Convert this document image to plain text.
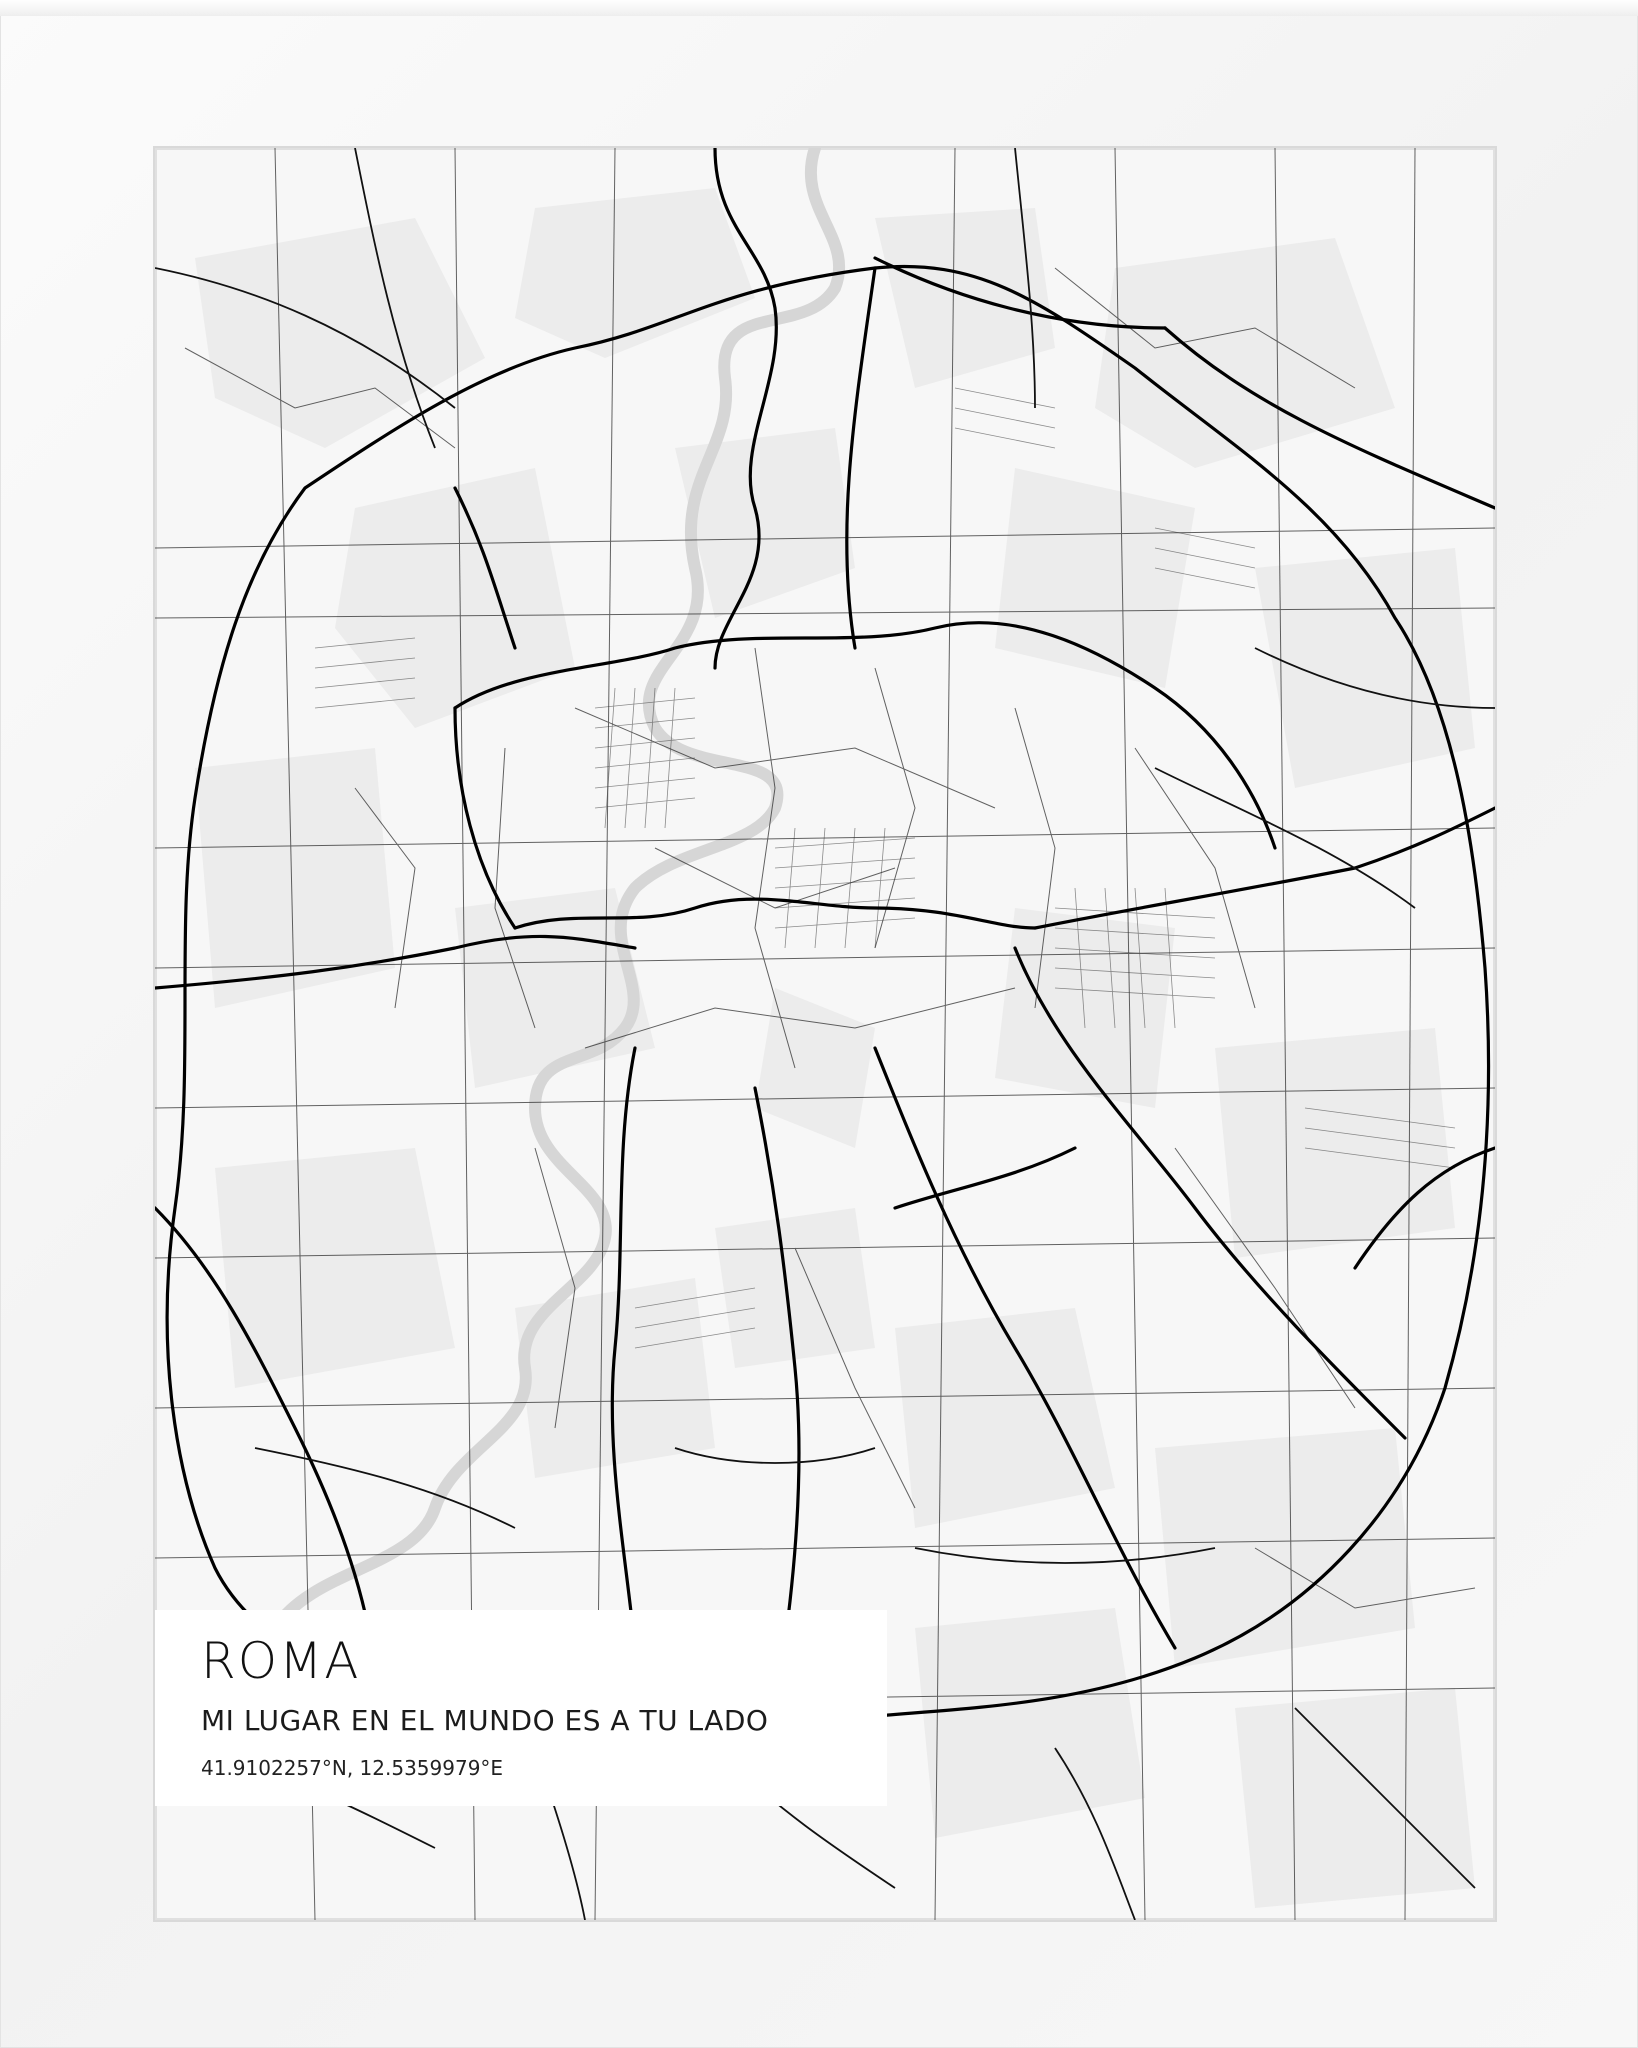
ROMA

MI LUGAR EN EL MUNDO ES A TU LADO

41.9102257°N, 12.5359979°E
